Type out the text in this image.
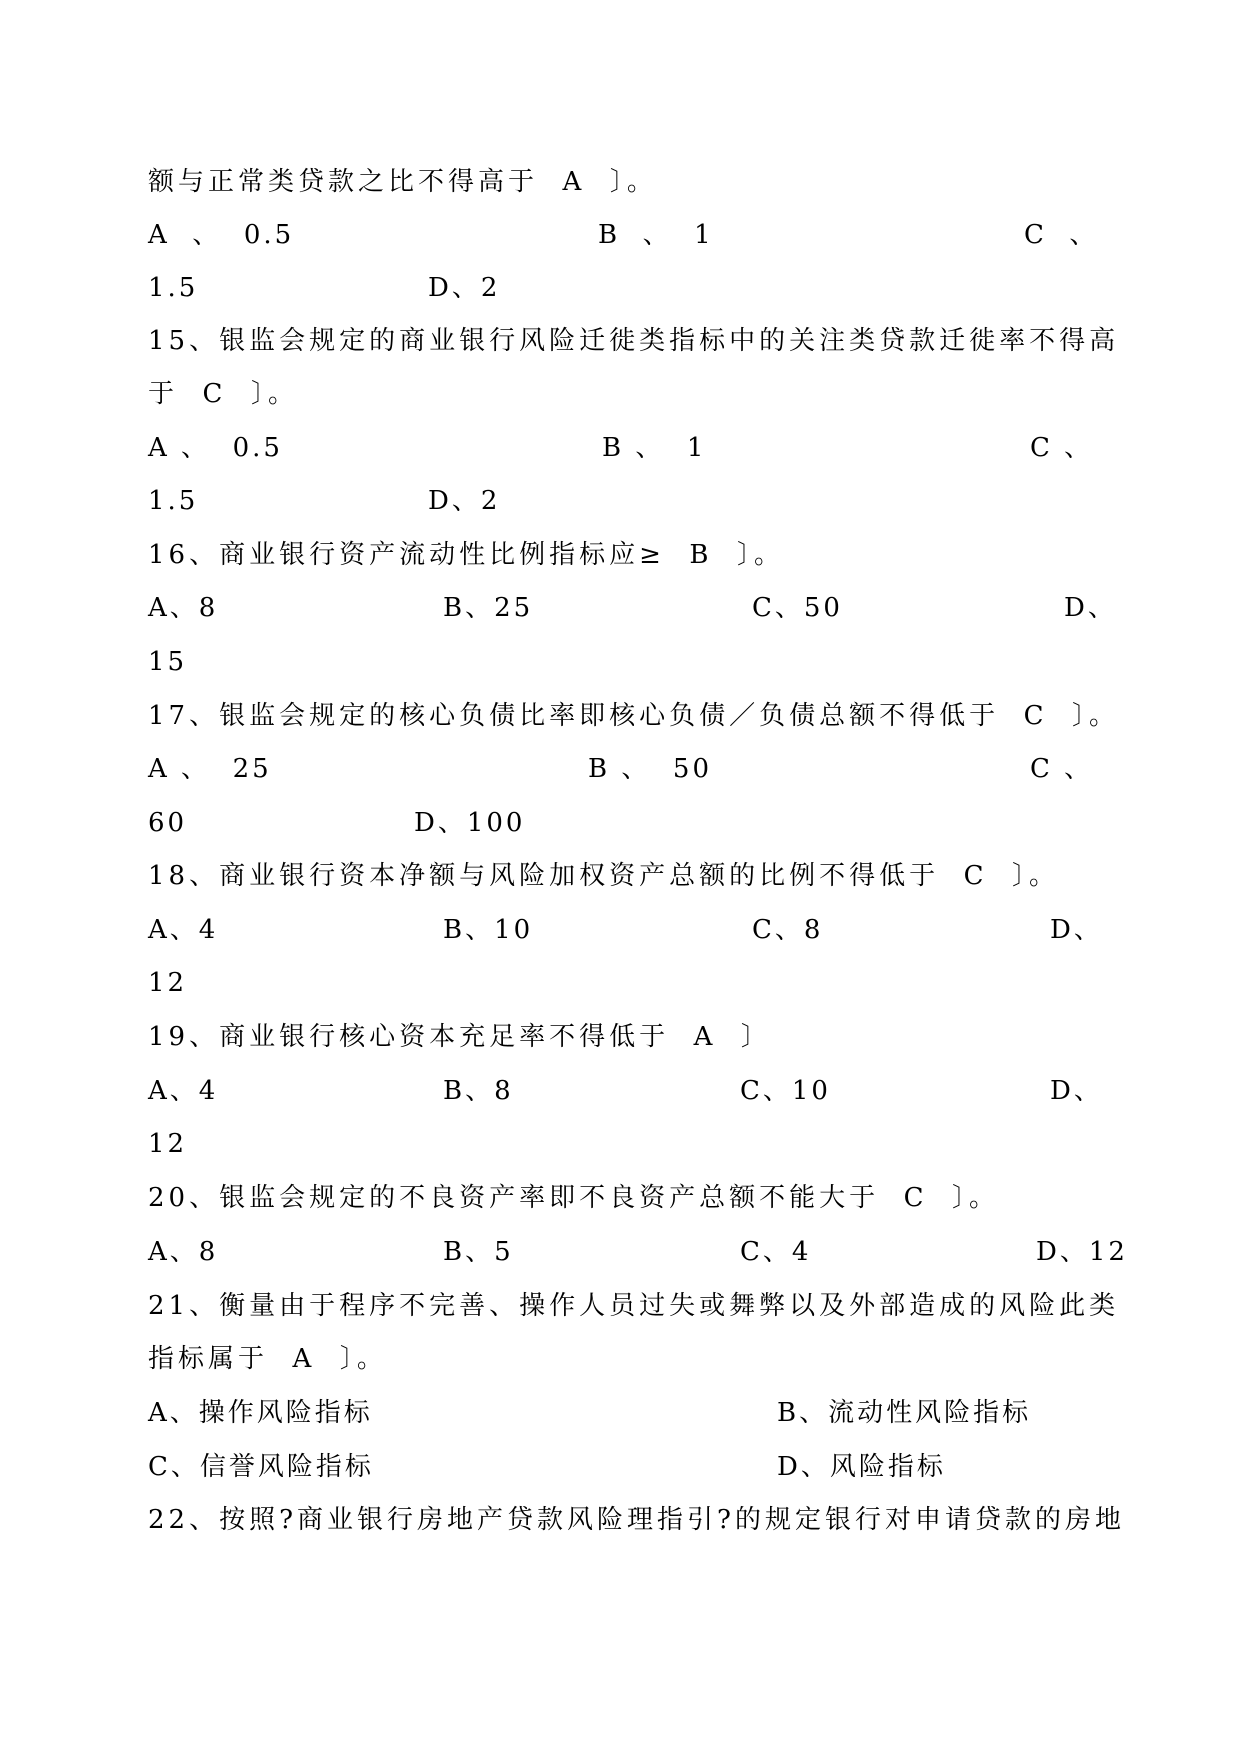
额与正常类贷款之比不得高于  A  〕。
A  、  0.5	B  、  1	C  、
1.5	D、2
15、银监会规定的商业银行风险迁徙类指标中的关注类贷款迁徙率不得高
于  C  〕。
A 、  0.5	B 、  1	C 、
1.5	D、2
16、商业银行资产流动性比例指标应≥  B  〕。
A、8	B、25	C、50	D、
15
17、银监会规定的核心负债比率即核心负债／负债总额不得低于  C  〕。
A 、  25	B 、  50	C 、
60	D、100
18、商业银行资本净额与风险加权资产总额的比例不得低于  C  〕。
A、4	B、10	C、8	D、
12
19、商业银行核心资本充足率不得低于  A  〕
A、4	B、8	C、10	D、
12
20、银监会规定的不良资产率即不良资产总额不能大于  C  〕。
A、8	B、5	C、4	D、12
21、衡量由于程序不完善、操作人员过失或舞弊以及外部造成的风险此类
指标属于  A  〕。
A、操作风险指标	B、流动性风险指标
C、信誉风险指标	D、风险指标
22、按照?商业银行房地产贷款风险理指引?的规定银行对申请贷款的房地
